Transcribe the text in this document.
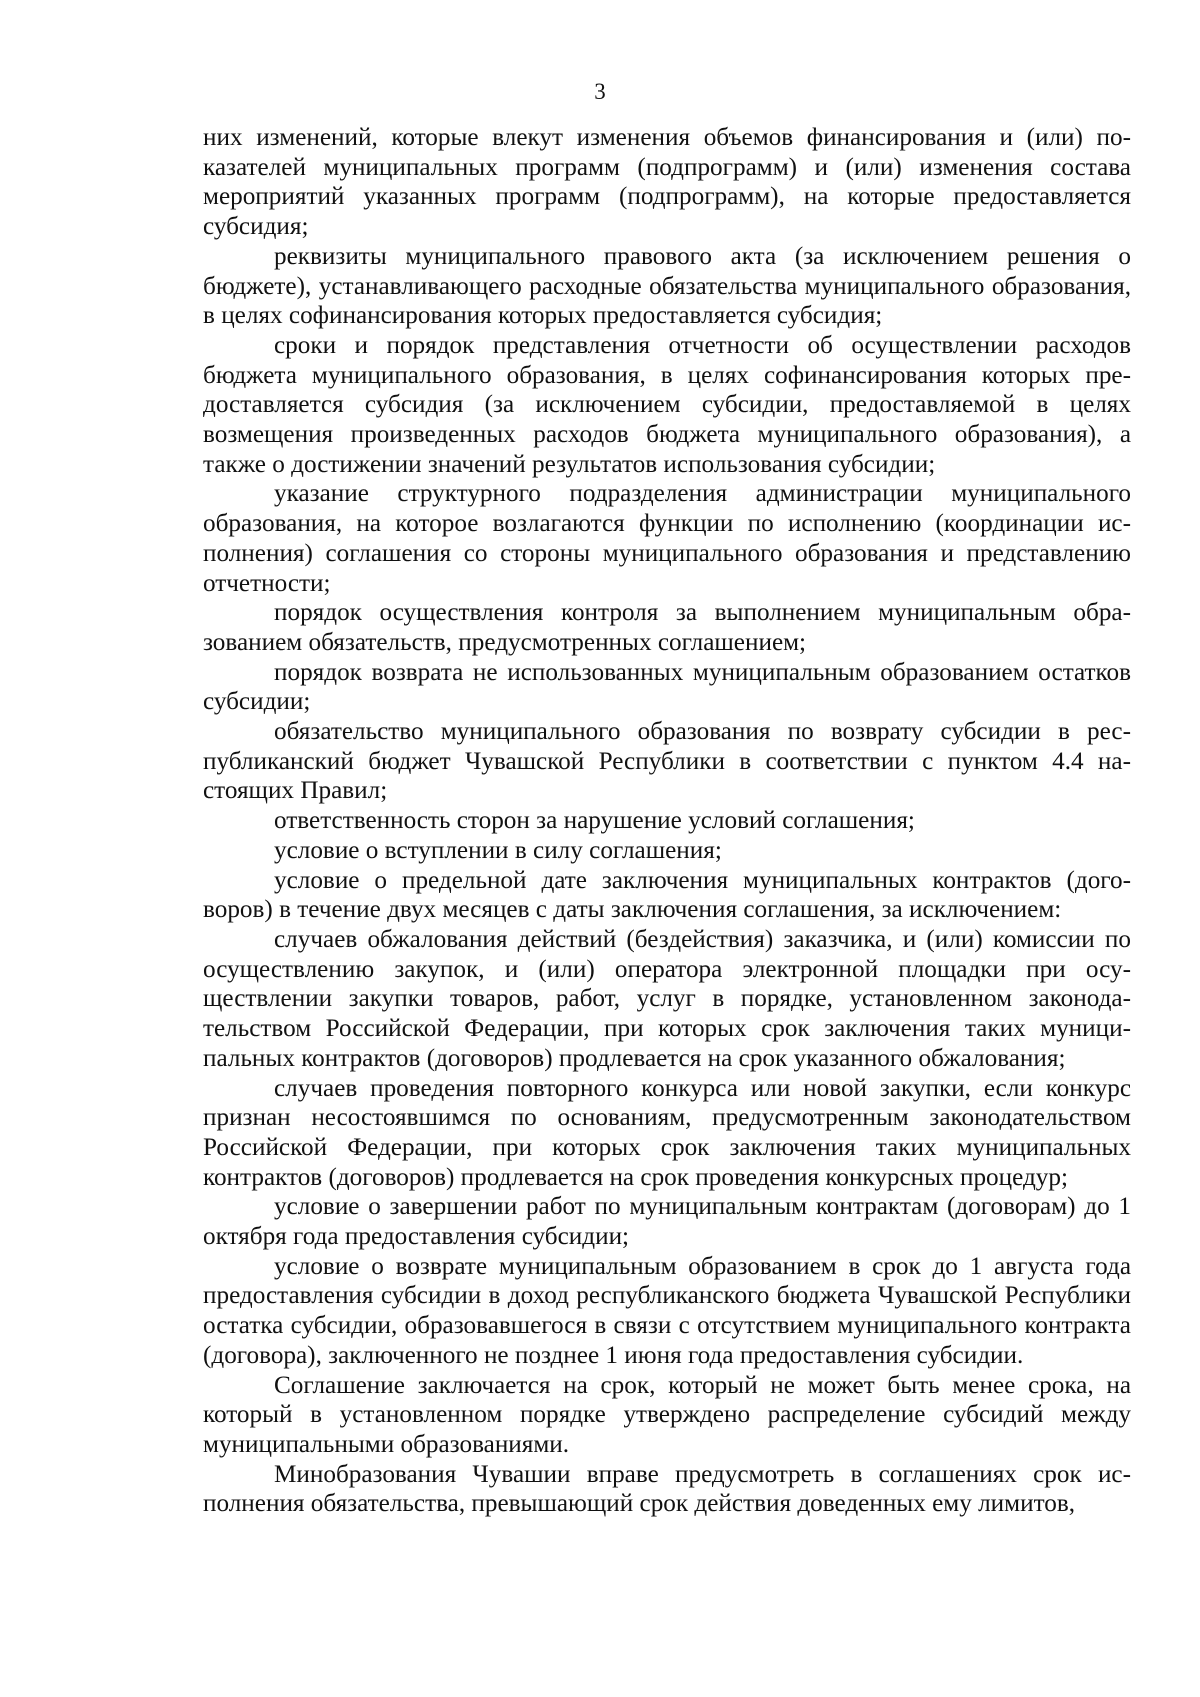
3

них изменений, которые влекут изменения объемов финансирования и (или) показателей муниципальных программ (подпрограмм) и (или) изменения состава мероприятий указанных программ (подпрограмм), на которые предоставляется субсидия;

реквизиты муниципального правового акта (за исключением решения о бюджете), устанавливающего расходные обязательства муниципального образования, в целях софинансирования которых предоставляется субсидия;

сроки и порядок представления отчетности об осуществлении расходов бюджета муниципального образования, в целях софинансирования которых предоставляется субсидия (за исключением субсидии, предоставляемой в целях возмещения произведенных расходов бюджета муниципального образования), а также о достижении значений результатов использования субсидии;

указание структурного подразделения администрации муниципального образования, на которое возлагаются функции по исполнению (координации исполнения) соглашения со стороны муниципального образования и представлению отчетности;

порядок осуществления контроля за выполнением муниципальным образованием обязательств, предусмотренных соглашением;

порядок возврата не использованных муниципальным образованием остатков субсидии;

обязательство муниципального образования по возврату субсидии в республиканский бюджет Чувашской Республики в соответствии с пунктом 4.4 настоящих Правил;

ответственность сторон за нарушение условий соглашения;

условие о вступлении в силу соглашения;

условие о предельной дате заключения муниципальных контрактов (договоров) в течение двух месяцев с даты заключения соглашения, за исключением:

случаев обжалования действий (бездействия) заказчика, и (или) комиссии по осуществлению закупок, и (или) оператора электронной площадки при осуществлении закупки товаров, работ, услуг в порядке, установленном законодательством Российской Федерации, при которых срок заключения таких муниципальных контрактов (договоров) продлевается на срок указанного обжалования;

случаев проведения повторного конкурса или новой закупки, если конкурс признан несостоявшимся по основаниям, предусмотренным законодательством Российской Федерации, при которых срок заключения таких муниципальных контрактов (договоров) продлевается на срок проведения конкурсных процедур;

условие о завершении работ по муниципальным контрактам (договорам) до 1 октября года предоставления субсидии;

условие о возврате муниципальным образованием в срок до 1 августа года предоставления субсидии в доход республиканского бюджета Чувашской Республики остатка субсидии, образовавшегося в связи с отсутствием муниципального контракта (договора), заключенного не позднее 1 июня года предоставления субсидии.

Соглашение заключается на срок, который не может быть менее срока, на который в установленном порядке утверждено распределение субсидий между муниципальными образованиями.

Минобразования Чувашии вправе предусмотреть в соглашениях срок исполнения обязательства, превышающий срок действия доведенных ему лимитов,
